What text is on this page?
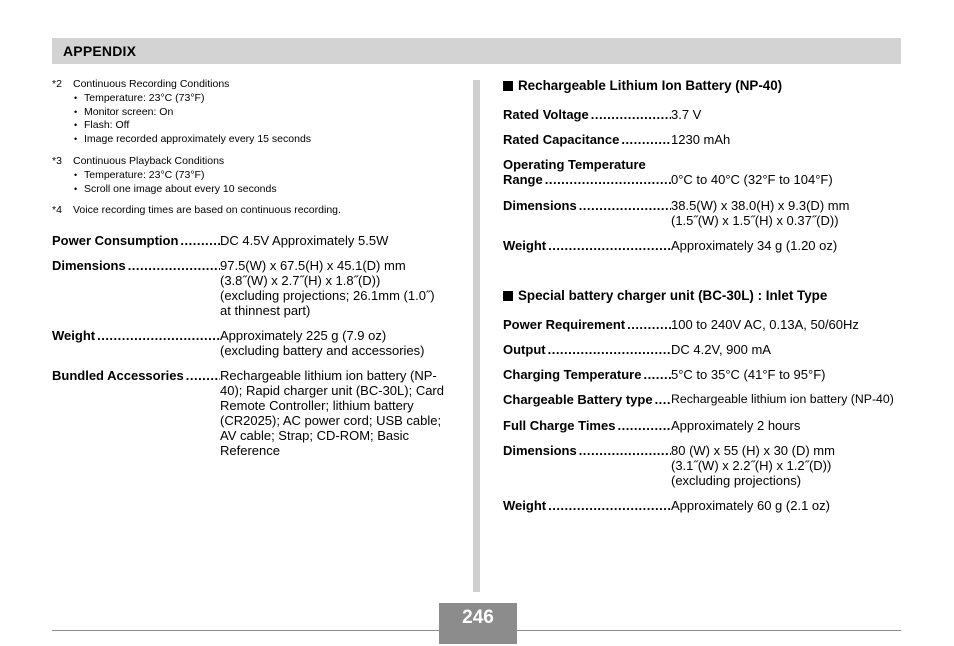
APPENDIX
*2	Continuous Recording Conditions
• Temperature: 23°C (73°F)
• Monitor screen: On
• Flash: Off
• Image recorded approximately every 15 seconds
*3	Continuous Playback Conditions
• Temperature: 23°C (73°F)
• Scroll one image about every 10 seconds
*4	Voice recording times are based on continuous recording.
Power Consumption .....	DC 4.5V Approximately 5.5W
Dimensions .....	97.5(W) x 67.5(H) x 45.1(D) mm
(3.8˝(W) x 2.7˝(H) x 1.8˝(D))
(excluding projections; 26.1mm (1.0˝)
at thinnest part)
Weight .....	Approximately 225 g (7.9 oz)
(excluding battery and accessories)
Bundled Accessories .....	Rechargeable lithium ion battery (NP-
40); Rapid charger unit (BC-30L); Card
Remote Controller; lithium battery
(CR2025); AC power cord; USB cable;
AV cable; Strap; CD-ROM; Basic
Reference
Rechargeable Lithium Ion Battery (NP-40)
Rated Voltage .....	3.7 V
Rated Capacitance .....	1230 mAh
Operating Temperature
Range .....	0°C to 40°C (32°F to 104°F)
Dimensions .....	38.5(W) x 38.0(H) x 9.3(D) mm
(1.5˝(W) x 1.5˝(H) x 0.37˝(D))
Weight .....	Approximately 34 g (1.20 oz)
Special battery charger unit (BC-30L) : Inlet Type
Power Requirement .....	100 to 240V AC, 0.13A, 50/60Hz
Output .....	DC 4.2V, 900 mA
Charging Temperature ..... 5°C to 35°C (41°F to 95°F)
Chargeable Battery type ..... Rechargeable lithium ion battery (NP-40)
Full Charge Times .....	Approximately 2 hours
Dimensions .....	80 (W) x 55 (H) x 30 (D) mm
(3.1˝(W) x 2.2˝(H) x 1.2˝(D))
(excluding projections)
Weight .....	Approximately 60 g (2.1 oz)
246
